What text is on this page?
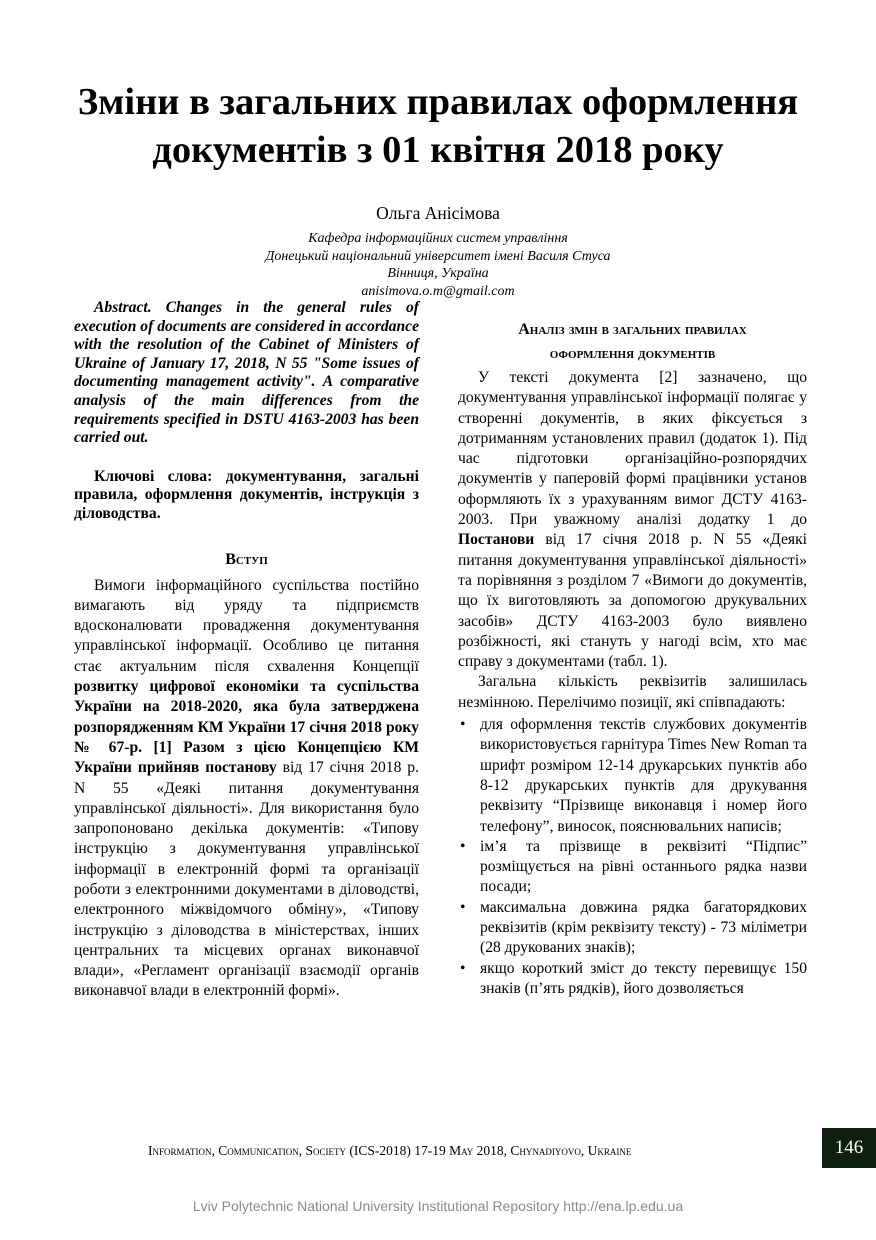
Зміни в загальних правилах оформлення
документів з 01 квітня 2018 року
Ольга Анісімова
Кафедра інформаційних систем управління
Донецький національний університет імені Василя Стуса
Вінниця, Україна
anisimova.o.m@gmail.com

Abstract. Changes in the general rules of execution of documents are considered in accordance with the resolution of the Cabinet of Ministers of Ukraine of January 17, 2018, N 55 "Some issues of documenting management activity". A comparative analysis of the main differences from the requirements specified in DSTU 4163-2003 has been carried out.

Ключові слова: документування, загальні правила, оформлення документів, інструкція з діловодства.

Вступ

Вимоги інформаційного суспільства постійно вимагають від уряду та підприємств вдосконалювати провадження документування управлінської інформації. Особливо це питання стає актуальним після схвалення Концепції розвитку цифрової економіки та суспільства України на 2018-2020, яка була затверджена розпорядженням КМ України 17 січня 2018 року № 67-р. [1] Разом з цією Концепцією КМ України прийняв постанову від 17 січня 2018 р. N 55 «Деякі питання документування управлінської діяльності». Для використання було запропоновано декілька документів: «Типову інструкцію з документування управлінської інформації в електронній формі та організації роботи з електронними документами в діловодстві, електронного міжвідомчого обміну», «Типову інструкцію з діловодства в міністерствах, інших центральних та місцевих органах виконавчої влади», «Регламент організації взаємодії органів виконавчої влади в електронній формі».

Аналіз змін в загальних правилах
оформлення документів

У тексті документа [2] зазначено, що документування управлінської інформації полягає у створенні документів, в яких фіксується з дотриманням установлених правил (додаток 1). Під час підготовки організаційно-розпорядчих документів у паперовій формі працівники установ оформляють їх з урахуванням вимог ДСТУ 4163-2003. При уважному аналізі додатку 1 до Постанови від 17 січня 2018 р. N 55 «Деякі питання документування управлінської діяльності» та порівняння з розділом 7 «Вимоги до документів, що їх виготовляють за допомогою друкувальних засобів» ДСТУ 4163-2003 було виявлено розбіжності, які стануть у нагоді всім, хто має справу з документами (табл. 1).

Загальна кількість реквізитів залишилась незмінною. Перелічимо позиції, які співпадають:

• для оформлення текстів службових документів використовується гарнітура Times New Roman та шрифт розміром 12-14 друкарських пунктів або 8-12 друкарських пунктів для друкування реквізиту “Прізвище виконавця і номер його телефону”, виносок, пояснювальних написів;
• ім’я та прізвище в реквізиті “Підпис” розміщується на рівні останнього рядка назви посади;
• максимальна довжина рядка багаторядкових реквізитів (крім реквізиту тексту) - 73 міліметри (28 друкованих знаків);
• якщо короткий зміст до тексту перевищує 150 знаків (п’ять рядків), його дозволяється
Information, Communication, Society (ICS-2018) 17-19 May 2018, Chynadiyovo, Ukraine	146
Lviv Polytechnic National University Institutional Repository http://ena.lp.edu.ua
